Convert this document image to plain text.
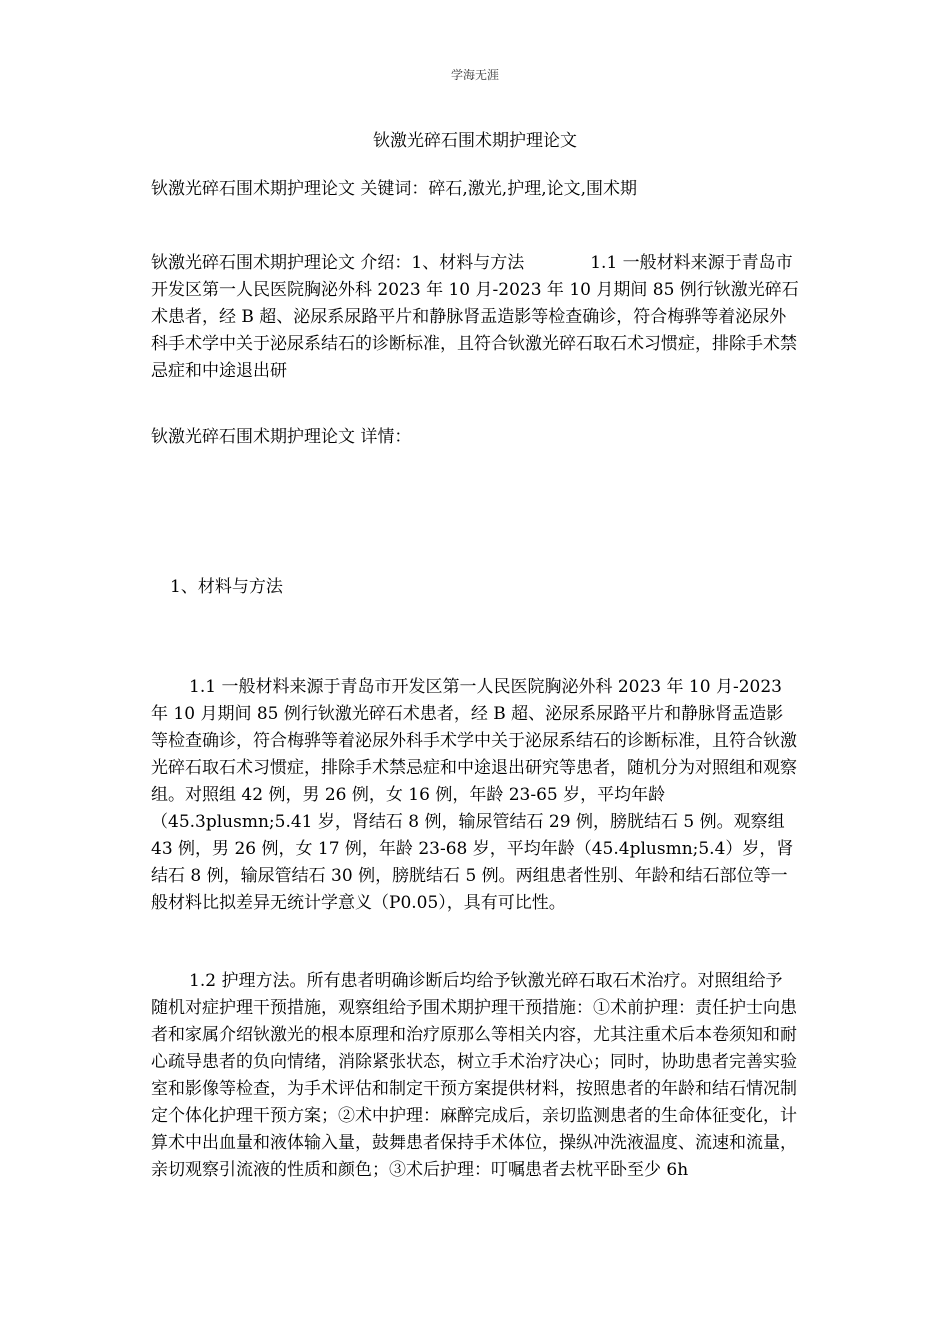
学海无涯
钬激光碎石围术期护理论文
钬激光碎石围术期护理论文 关键词：碎石,激光,护理,论文,围术期
钬激光碎石围术期护理论文 介绍：1、材料与方法	1.1 一般材料来源于青岛市开发区第一人民医院胸泌外科 2023 年 10 月-2023 年 10 月期间 85 例行钬激光碎石术患者，经 B 超、泌尿系尿路平片和静脉肾盂造影等检查确诊，符合梅骅等着泌尿外科手术学中关于泌尿系结石的诊断标准，且符合钬激光碎石取石术习惯症，排除手术禁忌症和中途退出研
钬激光碎石围术期护理论文 详情：
1、材料与方法
1.1 一般材料来源于青岛市开发区第一人民医院胸泌外科 2023 年 10 月-2023 年 10 月期间 85 例行钬激光碎石术患者，经 B 超、泌尿系尿路平片和静脉肾盂造影等检查确诊，符合梅骅等着泌尿外科手术学中关于泌尿系结石的诊断标准，且符合钬激光碎石取石术习惯症，排除手术禁忌症和中途退出研究等患者，随机分为对照组和观察组。对照组 42 例，男 26 例，女 16 例，年龄 23-65 岁，平均年龄（45.3plusmn;5.41 岁，肾结石 8 例，输尿管结石 29 例，膀胱结石 5 例。观察组 43 例，男 26 例，女 17 例，年龄 23-68 岁，平均年龄（45.4plusmn;5.4）岁，肾结石 8 例，输尿管结石 30 例，膀胱结石 5 例。两组患者性别、年龄和结石部位等一般材料比拟差异无统计学意义（P0.05），具有可比性。
1.2 护理方法。所有患者明确诊断后均给予钬激光碎石取石术治疗。对照组给予随机对症护理干预措施，观察组给予围术期护理干预措施：①术前护理：责任护士向患者和家属介绍钬激光的根本原理和治疗原那么等相关内容，尤其注重术后本卷须知和耐心疏导患者的负向情绪，消除紧张状态，树立手术治疗决心；同时，协助患者完善实验室和影像等检查，为手术评估和制定干预方案提供材料，按照患者的年龄和结石情况制定个体化护理干预方案；②术中护理：麻醉完成后，亲切监测患者的生命体征变化，计算术中出血量和液体输入量，鼓舞患者保持手术体位，操纵冲洗液温度、流速和流量，亲切观察引流液的性质和颜色；③术后护理：叮嘱患者去枕平卧至少 6h
